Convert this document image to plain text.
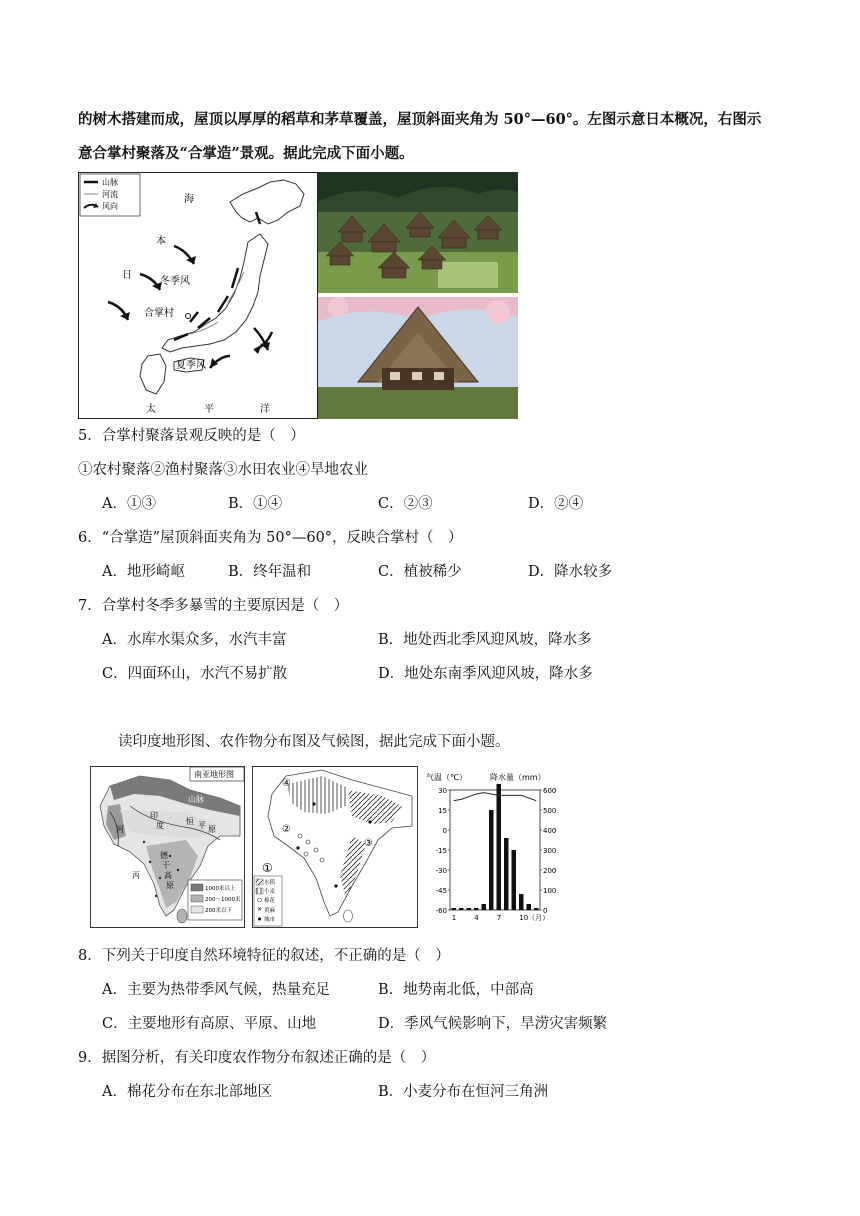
的树木搭建而成，屋顶以厚厚的稻草和茅草覆盖，屋顶斜面夹角为 50°—60°。左图示意日本概况，右图示
意合掌村聚落及“合掌造”景观。据此完成下面小题。
山脉
河流
风向
海
本
日
冬季风
合掌村
夏季风
太	平	洋
5．合掌村聚落景观反映的是（　）
①农村聚落②渔村聚落③水田农业④旱地农业
A．①③	B．①④	C．②③	D．②④
6．“合掌造”屋顶斜面夹角为 50°—60°，反映合掌村（　）
A．地形崎岖	B．终年温和	C．植被稀少	D．降水较多
7．合掌村冬季多暴雪的主要原因是（　）
A．水库水渠众多，水汽丰富	B．地处西北季风迎风坡，降水多
C．四面环山，水汽不易扩散	D．地处东南季风迎风坡，降水多
读印度地形图、农作物分布图及气候图，据此完成下面小题。
南亚地形图
山脉
印
度
河
恒 平 原
德
干
高
原
丙
1000米以上
200～1000米
200米以下
④
②
③
①
✕
水稻
小麦
棉花
黄麻
城市
气温（℃）	降水量（mm）
30
15
0
-15
-30
-45
-60
600
500
400
300
200
100
0
1	4	7	10（月）
8．下列关于印度自然环境特征的叙述，不正确的是（　）
A．主要为热带季风气候，热量充足	B．地势南北低，中部高
C．主要地形有高原、平原、山地	D．季风气候影响下，旱涝灾害频繁
9．据图分析，有关印度农作物分布叙述正确的是（　）
A．棉花分布在东北部地区	B．小麦分布在恒河三角洲
